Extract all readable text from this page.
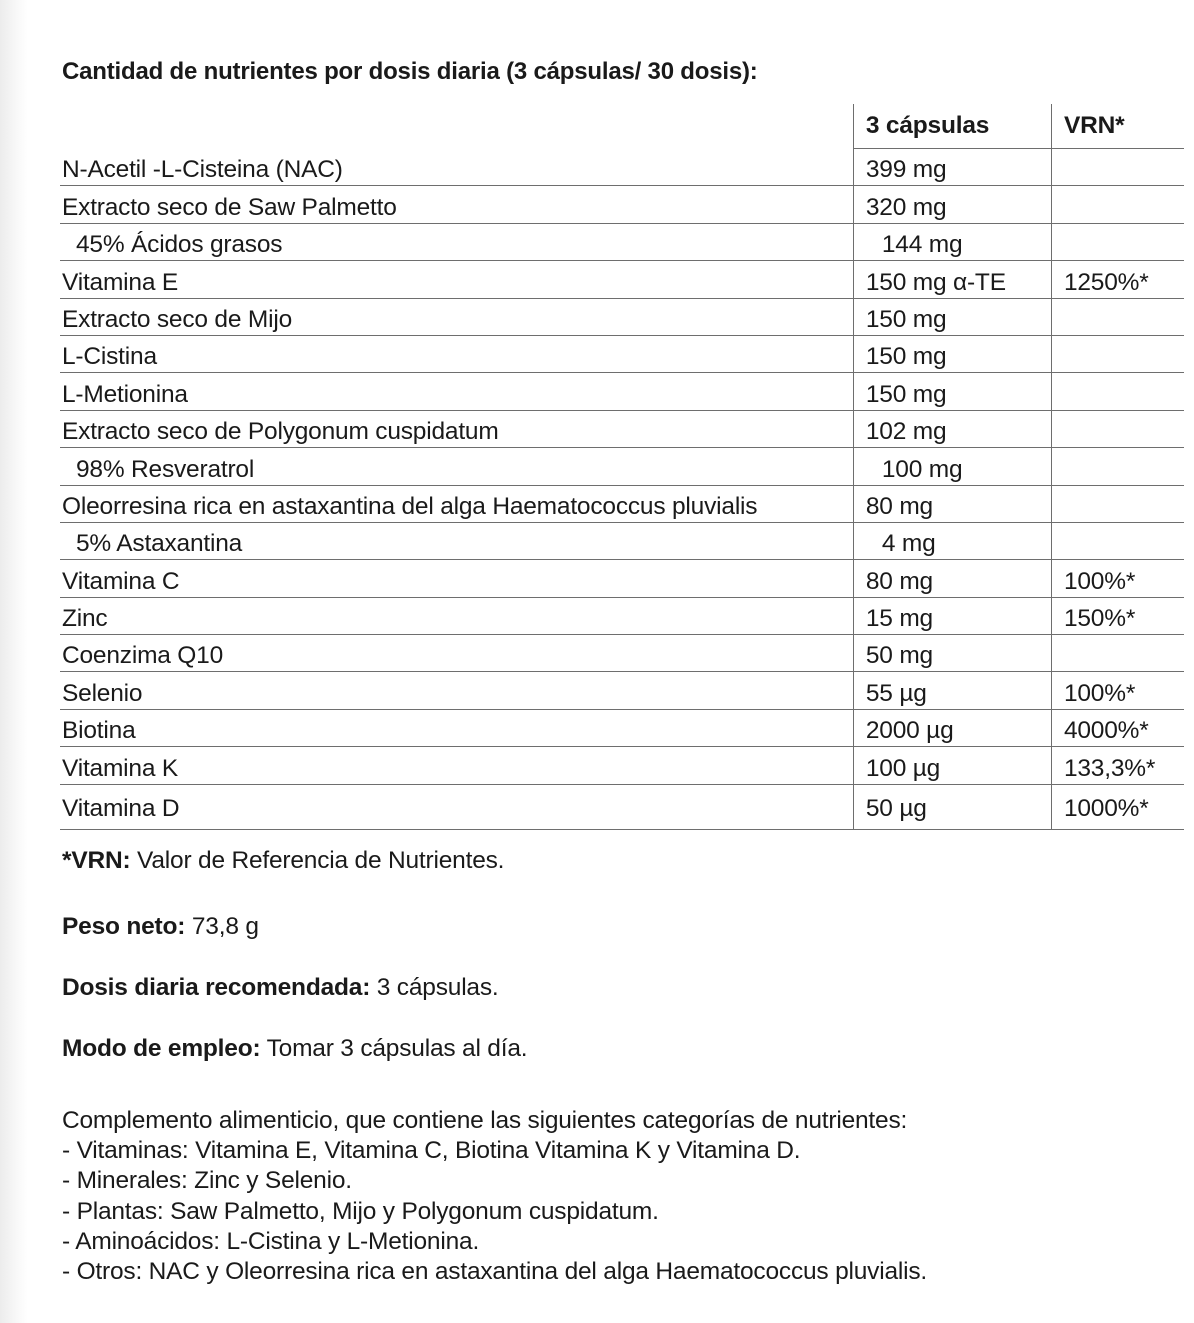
Cantidad de nutrientes por dosis diaria (3 cápsulas/ 30 dosis):
	3 cápsulas	VRN*
N-Acetil -L-Cisteina (NAC)	399 mg	
Extracto seco de Saw Palmetto	320 mg	
45% Ácidos grasos	144 mg	
Vitamina E	150 mg α-TE	1250%*
Extracto seco de Mijo	150 mg	
L-Cistina	150 mg	
L-Metionina	150 mg	
Extracto seco de Polygonum cuspidatum	102 mg	
98% Resveratrol	100 mg	
Oleorresina rica en astaxantina del alga Haematococcus pluvialis	80 mg	
5% Astaxantina	4 mg	
Vitamina C	80 mg	100%*
Zinc	15 mg	150%*
Coenzima Q10	50 mg	
Selenio	55 µg	100%*
Biotina	2000 µg	4000%*
Vitamina K	100 µg	133,3%*
Vitamina D	50 µg	1000%*
*VRN: Valor de Referencia de Nutrientes.
Peso neto: 73,8 g
Dosis diaria recomendada: 3 cápsulas.
Modo de empleo: Tomar 3 cápsulas al día.
Complemento alimenticio, que contiene las siguientes categorías de nutrientes:
- Vitaminas: Vitamina E, Vitamina C, Biotina Vitamina K y Vitamina D.
- Minerales: Zinc y Selenio.
- Plantas: Saw Palmetto, Mijo y Polygonum cuspidatum.
- Aminoácidos: L-Cistina y L-Metionina.
- Otros: NAC y Oleorresina rica en astaxantina del alga Haematococcus pluvialis.
